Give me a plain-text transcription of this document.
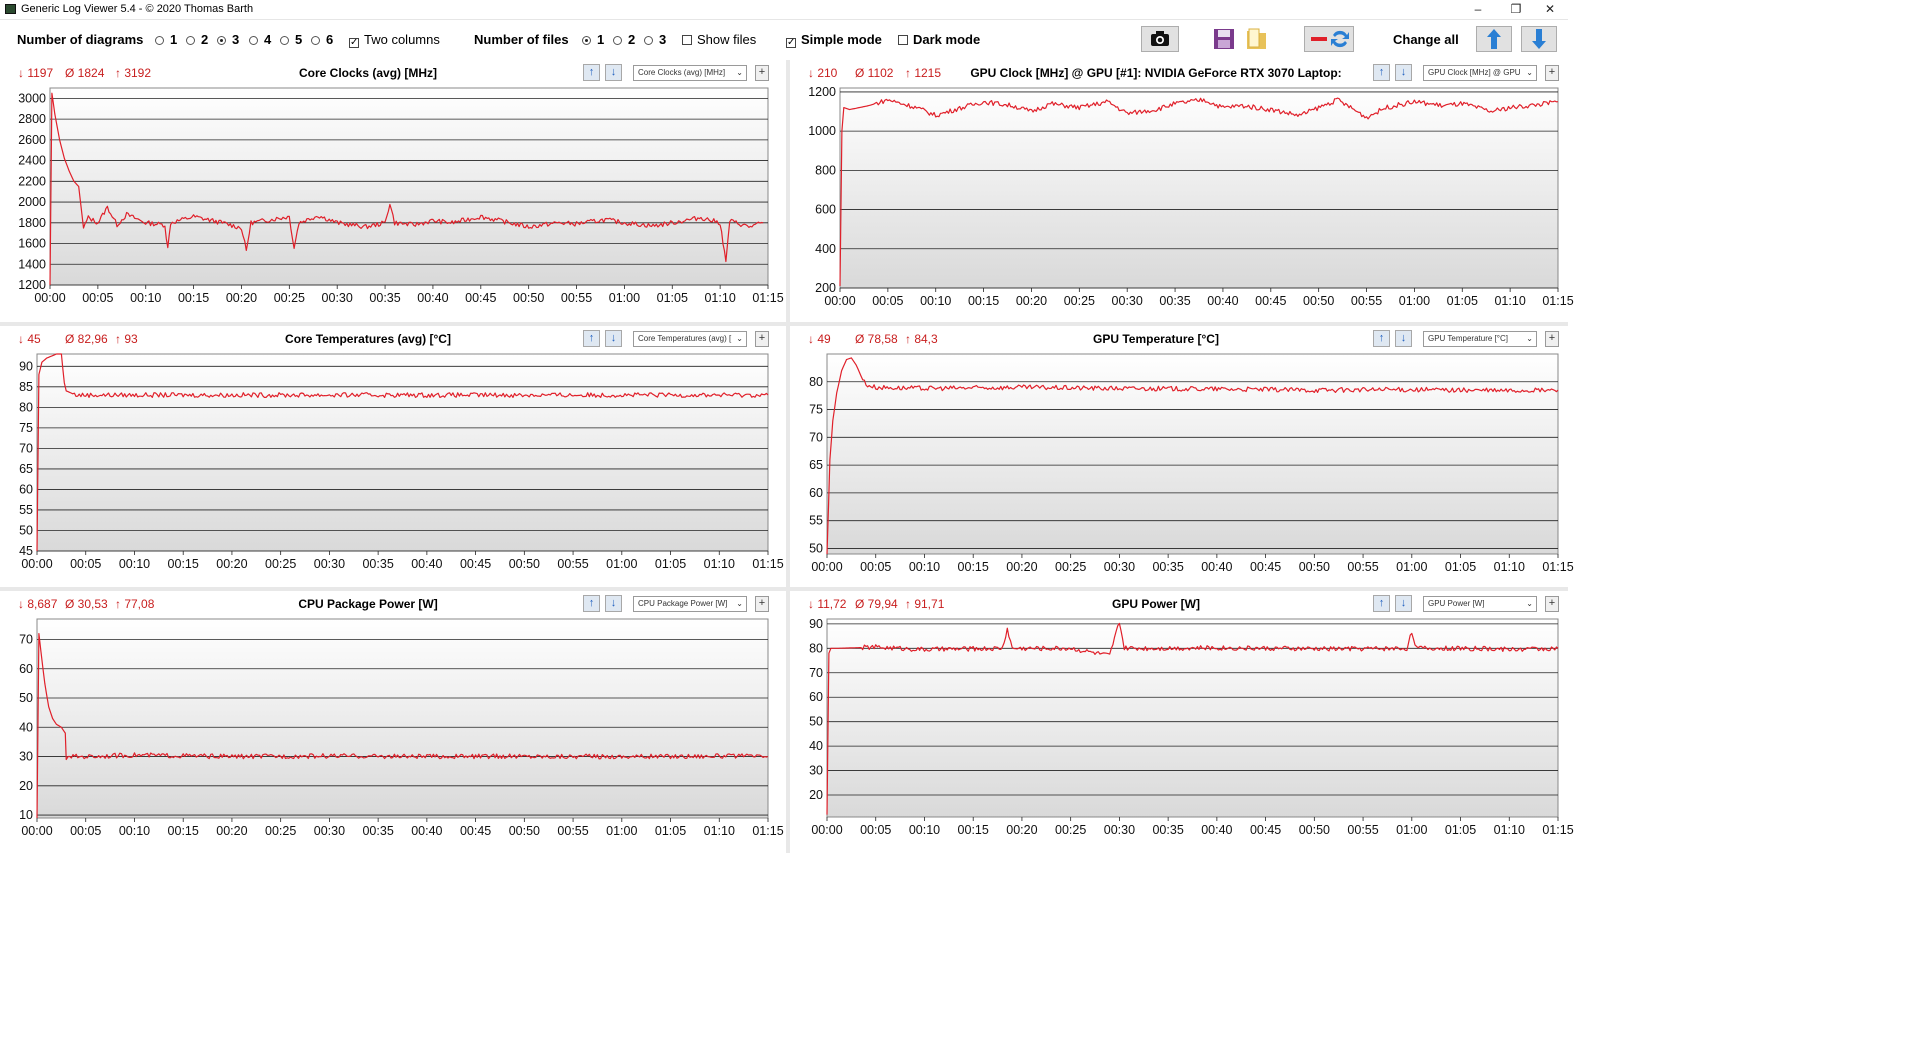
Generic Log Viewer 5.4 - © 2020 Thomas Barth	–	❐	✕
Number of diagrams	1	2	3	4	5	6 ✓ Two columns	Number of files	1	2	3	Show files	✓ Simple mode	Dark mode	Change all
↓ 1197 Ø 1824 ↑ 3192	Core Clocks (avg) [MHz]	↑	↓	Core Clocks (avg) [MHz] ⌄	+
1200
1400
1600
1800
2000
2200
2400
2600
2800
3000
00:00 00:05 00:10 00:15 00:20 00:25 00:30 00:35 00:40 00:45 00:50 00:55 01:00 01:05 01:10 01:15
↓ 210 Ø 1102 ↑ 1215 GPU Clock [MHz] @ GPU [#1]: NVIDIA GeForce RTX 3070 Laptop:	↑	↓	GPU Clock [MHz] @ GPU ⌄	+
200
400
600
800
1000
1200
00:00 00:05 00:10 00:15 00:20 00:25 00:30 00:35 00:40 00:45 00:50 00:55 01:00 01:05 01:10 01:15
↓ 45 Ø 82,96 ↑ 93	Core Temperatures (avg) [°C]	↑	↓	Core Temperatures (avg) [ ⌄	+
45
50
55
60
65
70
75
80
85
90
00:00 00:05 00:10 00:15 00:20 00:25 00:30 00:35 00:40 00:45 00:50 00:55 01:00 01:05 01:10 01:15
↓ 49 Ø 78,58 ↑ 84,3	GPU Temperature [°C]	↑	↓	GPU Temperature [°C] ⌄	+
50
55
60
65
70
75
80
00:00 00:05 00:10 00:15 00:20 00:25 00:30 00:35 00:40 00:45 00:50 00:55 01:00 01:05 01:10 01:15
↓ 8,687 Ø 30,53 ↑ 77,08	CPU Package Power [W]	↑	↓	CPU Package Power [W] ⌄	+
10
20
30
40
50
60
70
00:00 00:05 00:10 00:15 00:20 00:25 00:30 00:35 00:40 00:45 00:50 00:55 01:00 01:05 01:10 01:15
↓ 11,72 Ø 79,94 ↑ 91,71	GPU Power [W]	↑	↓	GPU Power [W]	⌄	+
20
30
40
50
60
70
80
90
00:00 00:05 00:10 00:15 00:20 00:25 00:30 00:35 00:40 00:45 00:50 00:55 01:00 01:05 01:10 01:15
